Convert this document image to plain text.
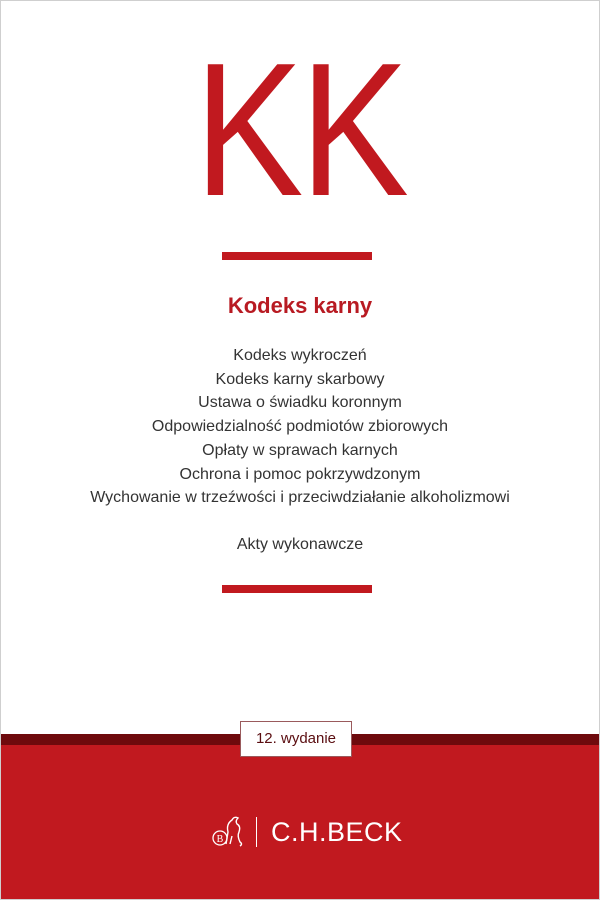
KK
Kodeks karny
Kodeks wykroczeń
Kodeks karny skarbowy
Ustawa o świadku koronnym
Odpowiedzialność podmiotów zbiorowych
Opłaty w sprawach karnych
Ochrona i pomoc pokrzywdzonym
Wychowanie w trzeźwości i przeciwdziałanie alkoholizmowi
Akty wykonawcze
12. wydanie
B C.H.BECK
